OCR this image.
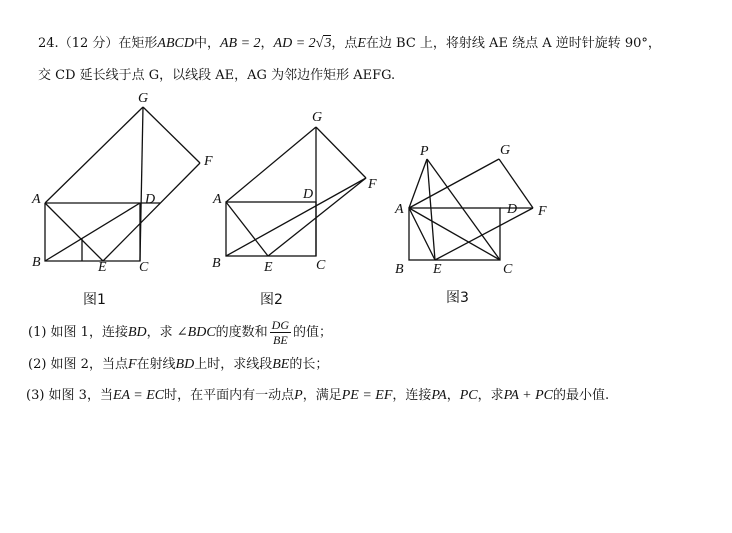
24.（12 分）在矩形ABCD中，AB = 2，AD = 2√3，点E在边 BC 上，将射线 AE 绕点 A 逆时针旋转 90°，
交 CD 延长线于点 G，以线段 AE，AG 为邻边作矩形 AEFG.
G
F
A	D
B	E C
图1
G
F
A	D
B	E	C
图2
P	G
A	D F
B E	C
图3
(1) 如图 1，连接BD，求 ∠BDC的度数和 $\frac{DG}{BE}$ 的值；
(2) 如图 2，当点F在射线BD上时，求线段BE的长；
(3) 如图 3，当EA = EC时，在平面内有一动点P，满足PE = EF，连接PA，PC，求PA + PC的最小值.
